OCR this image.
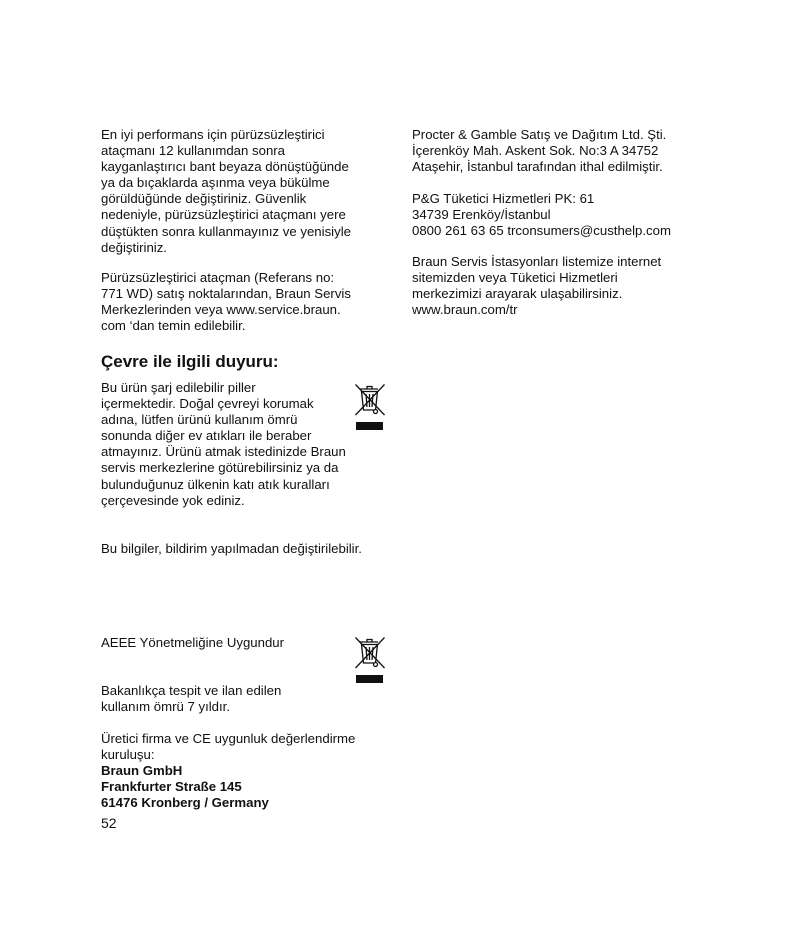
En iyi performans için pürüzsüzleştirici
ataçmanı 12 kullanımdan sonra
kayganlaştırıcı bant beyaza dönüştüğünde
ya da bıçaklarda aşınma veya bükülme
görüldüğünde değiştiriniz. Güvenlik
nedeniyle, pürüzsüzleştirici ataçmanı yere
düştükten sonra kullanmayınız ve yenisiyle
değiştiriniz.
Pürüzsüzleştirici ataçman (Referans no:
771 WD) satış noktalarından, Braun Servis
Merkezlerinden veya www.service.braun.
com ‘dan temin edilebilir.
Çevre ile ilgili duyuru:
Bu ürün şarj edilebilir piller
içermektedir. Doğal çevreyi korumak
adına, lütfen ürünü kullanım ömrü
sonunda diğer ev atıkları ile beraber
atmayınız. Ürünü atmak istedinizde Braun
servis merkezlerine götürebilirsiniz ya da
bulunduğunuz ülkenin katı atık kuralları
çerçevesinde yok ediniz.
Bu bilgiler, bildirim yapılmadan değiştirilebilir.
AEEE Yönetmeliğine Uygundur
Bakanlıkça tespit ve ilan edilen
kullanım ömrü 7 yıldır.
Üretici firma ve CE uygunluk değerlendirme
kuruluşu:
Braun GmbH
Frankfurter Straße 145
61476 Kronberg / Germany
52
Procter & Gamble Satış ve Dağıtım Ltd. Şti.
İçerenköy Mah. Askent Sok. No:3 A 34752
Ataşehir, İstanbul tarafından ithal edilmiştir.
P&G Tüketici Hizmetleri PK: 61
34739 Erenköy/İstanbul
0800 261 63 65 trconsumers@custhelp.com
Braun Servis İstasyonları listemize internet
sitemizden veya Tüketici Hizmetleri
merkezimizi arayarak ulaşabilirsiniz.
www.braun.com/tr
